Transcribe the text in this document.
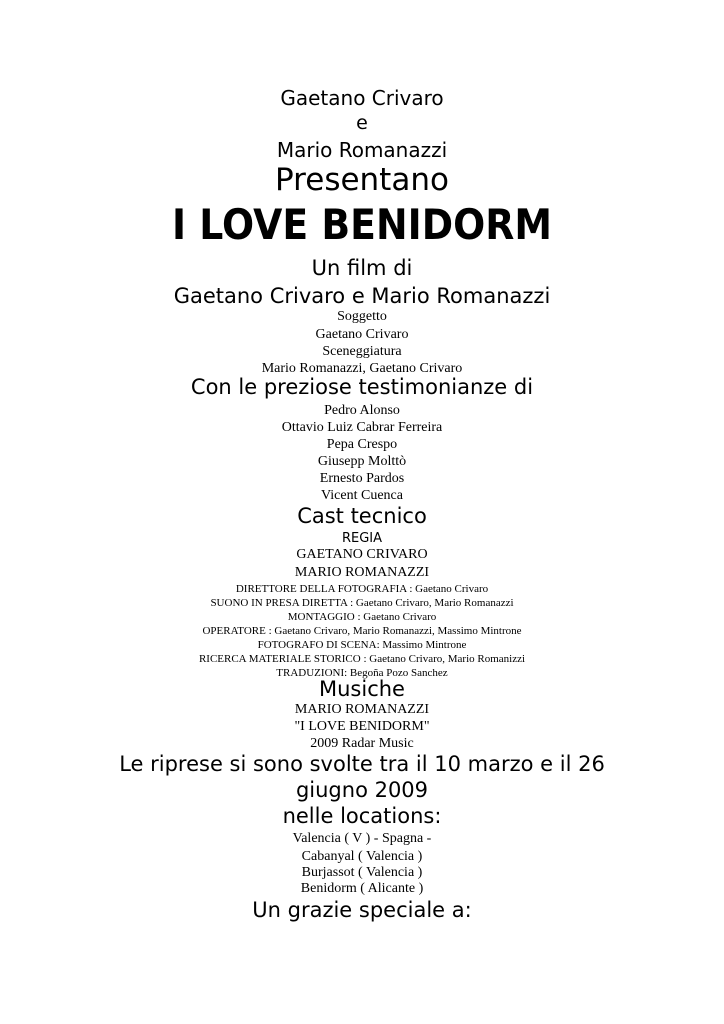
Gaetano Crivaro
e
Mario Romanazzi
Presentano
I LOVE BENIDORM
Un film di
Gaetano Crivaro e Mario Romanazzi
Soggetto
Gaetano Crivaro
Sceneggiatura
Mario Romanazzi, Gaetano Crivaro
Con le preziose testimonianze di
Pedro Alonso
Ottavio Luiz Cabrar Ferreira
Pepa Crespo
Giusepp Molttò
Ernesto Pardos
Vicent Cuenca
Cast tecnico
REGIA
GAETANO CRIVARO
MARIO ROMANAZZI
DIRETTORE DELLA FOTOGRAFIA : Gaetano Crivaro
SUONO IN PRESA DIRETTA : Gaetano Crivaro, Mario Romanazzi
MONTAGGIO : Gaetano Crivaro
OPERATORE : Gaetano Crivaro, Mario Romanazzi, Massimo Mintrone
FOTOGRAFO DI SCENA: Massimo Mintrone
RICERCA MATERIALE STORICO : Gaetano Crivaro, Mario Romanizzi
TRADUZIONI: Begoña Pozo Sanchez
Musiche
MARIO ROMANAZZI
"I LOVE BENIDORM"
2009 Radar Music
Le riprese si sono svolte tra il 10 marzo e il 26
giugno 2009
nelle locations:
Valencia ( V ) - Spagna -
Cabanyal ( Valencia )
Burjassot ( Valencia )
Benidorm ( Alicante )
Un grazie speciale a:
